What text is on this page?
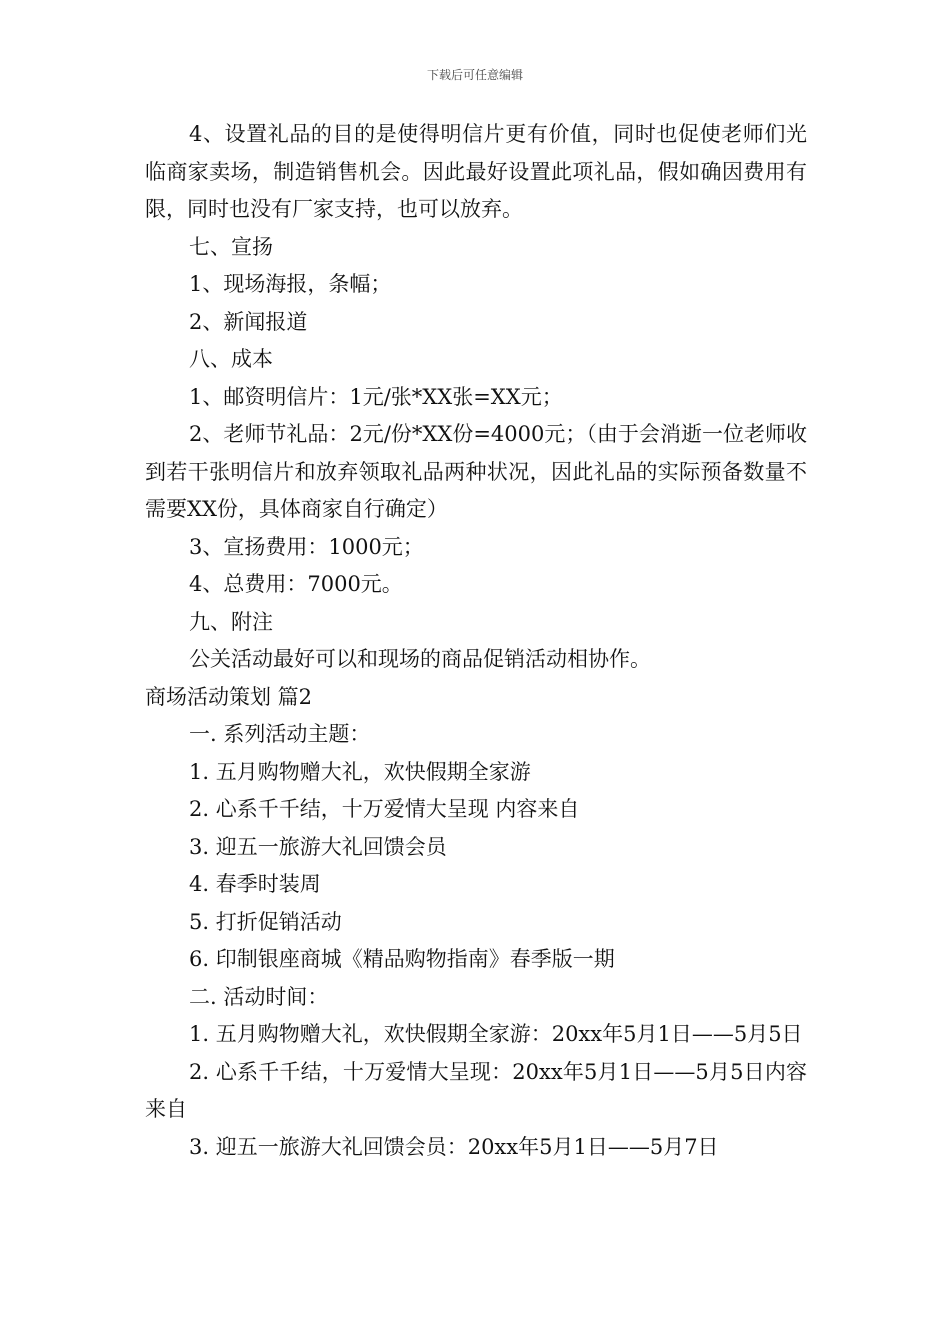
下载后可任意编辑

4、设置礼品的目的是使得明信片更有价值，同时也促使老师们光临商家卖场，制造销售机会。因此最好设置此项礼品，假如确因费用有限，同时也没有厂家支持，也可以放弃。

七、宣扬

1、现场海报，条幅；

2、新闻报道

八、成本

1、邮资明信片：1元/张*XX张=XX元；

2、老师节礼品：2元/份*XX份=4000元；（由于会消逝一位老师收到若干张明信片和放弃领取礼品两种状况，因此礼品的实际预备数量不需要XX份，具体商家自行确定）

3、宣扬费用：1000元；

4、总费用：7000元。

九、附注

公关活动最好可以和现场的商品促销活动相协作。

商场活动策划 篇2

一. 系列活动主题：

1. 五月购物赠大礼，欢快假期全家游

2. 心系千千结，十万爱情大呈现 内容来自

3. 迎五一旅游大礼回馈会员

4. 春季时装周

5. 打折促销活动

6. 印制银座商城《精品购物指南》春季版一期

二. 活动时间：

1. 五月购物赠大礼，欢快假期全家游：20xx年5月1日——5月5日

2. 心系千千结，十万爱情大呈现：20xx年5月1日——5月5日内容来自

3. 迎五一旅游大礼回馈会员：20xx年5月1日——5月7日
